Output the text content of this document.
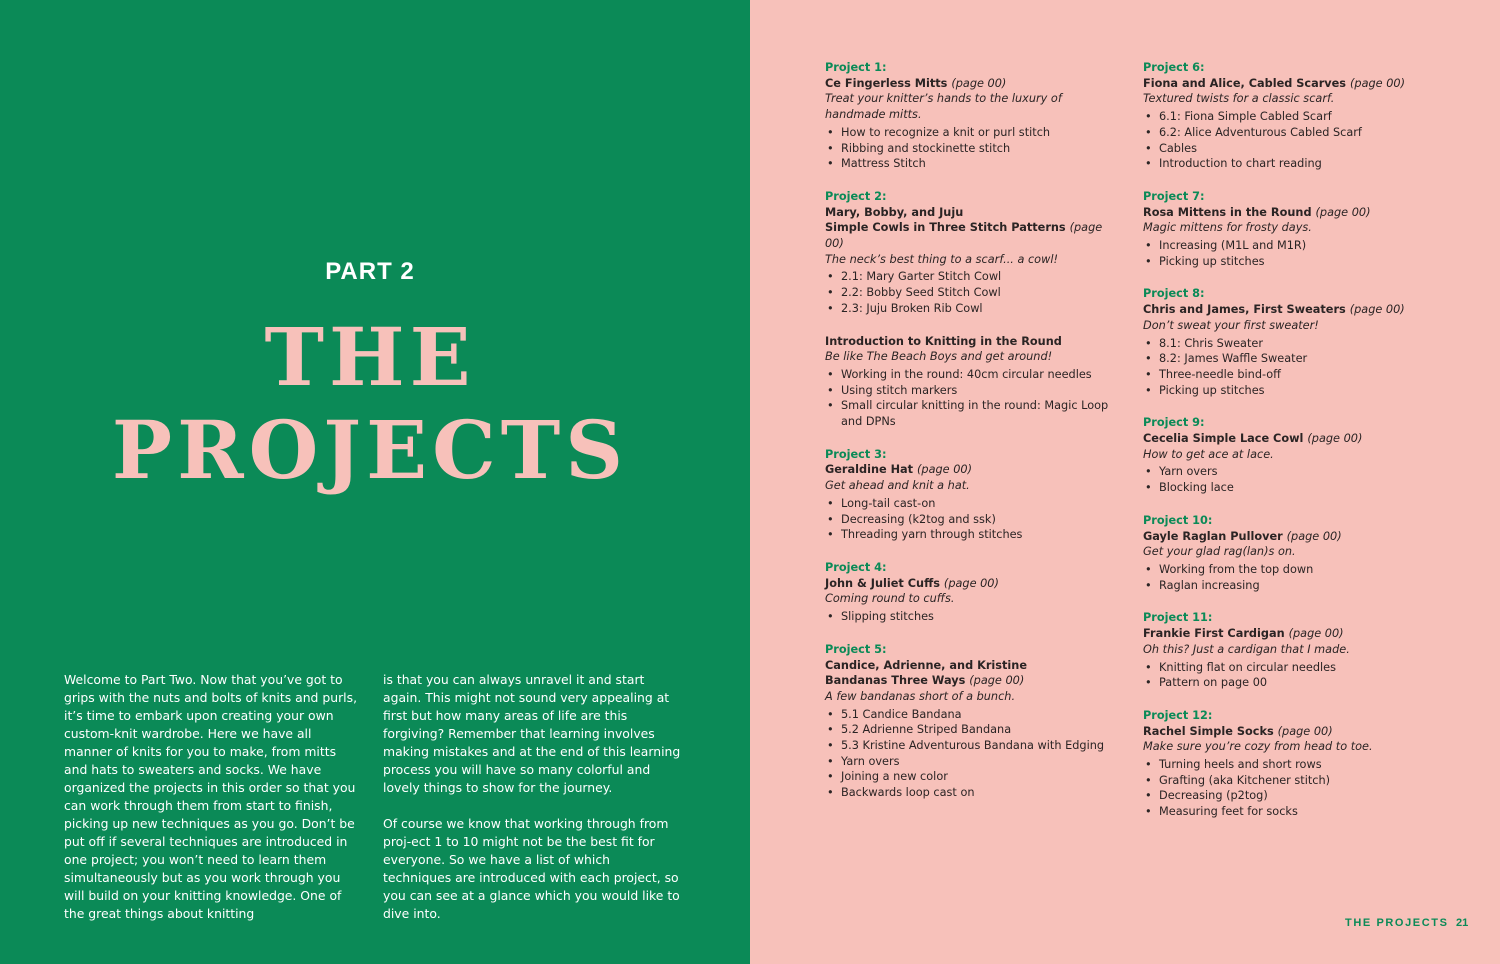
PART 2
THE
PROJECTS

Welcome to Part Two. Now that you’ve got to grips with the nuts and bolts of knits and purls, it’s time to embark upon creating your own custom-knit wardrobe. Here we have all manner of knits for you to make, from mitts and hats to sweaters and socks. We have organized the projects in this order so that you can work through them from start to finish, picking up new techniques as you go. Don’t be put off if several techniques are introduced in one project; you won’t need to learn them simultaneously but as you work through you will build on your knitting knowledge. One of the great things about knitting

is that you can always unravel it and start again. This might not sound very appealing at first but how many areas of life are this forgiving? Remember that learning involves making mistakes and at the end of this learning process you will have so many colorful and lovely things to show for the journey.

Of course we know that working through from proj-ect 1 to 10 might not be the best fit for everyone. So we have a list of which techniques are introduced with each project, so you can see at a glance which you would like to dive into.

Project 1:
Ce Fingerless Mitts (page 00)
Treat your knitter’s hands to the luxury of handmade mitts.
• How to recognize a knit or purl stitch
• Ribbing and stockinette stitch
• Mattress Stitch
Project 2:
Mary, Bobby, and Juju
Simple Cowls in Three Stitch Patterns (page 00)
The neck’s best thing to a scarf... a cowl!
• 2.1: Mary Garter Stitch Cowl
• 2.2: Bobby Seed Stitch Cowl
• 2.3: Juju Broken Rib Cowl
Introduction to Knitting in the Round
Be like The Beach Boys and get around!
• Working in the round: 40cm circular needles
• Using stitch markers
• Small circular knitting in the round: Magic Loop and DPNs
Project 3:
Geraldine Hat (page 00)
Get ahead and knit a hat.
• Long-tail cast-on
• Decreasing (k2tog and ssk)
• Threading yarn through stitches
Project 4:
John & Juliet Cuffs (page 00)
Coming round to cuffs.
• Slipping stitches
Project 5:
Candice, Adrienne, and Kristine
Bandanas Three Ways (page 00)
A few bandanas short of a bunch.
• 5.1 Candice Bandana
• 5.2 Adrienne Striped Bandana
• 5.3 Kristine Adventurous Bandana with Edging
• Yarn overs
• Joining a new color
• Backwards loop cast on
Project 6:
Fiona and Alice, Cabled Scarves (page 00)
Textured twists for a classic scarf.
• 6.1: Fiona Simple Cabled Scarf
• 6.2: Alice Adventurous Cabled Scarf
• Cables
• Introduction to chart reading
Project 7:
Rosa Mittens in the Round (page 00)
Magic mittens for frosty days.
• Increasing (M1L and M1R)
• Picking up stitches
Project 8:
Chris and James, First Sweaters (page 00)
Don’t sweat your first sweater!
• 8.1: Chris Sweater
• 8.2: James Waffle Sweater
• Three-needle bind-off
• Picking up stitches
Project 9:
Cecelia Simple Lace Cowl (page 00)
How to get ace at lace.
• Yarn overs
• Blocking lace
Project 10:
Gayle Raglan Pullover (page 00)
Get your glad rag(lan)s on.
• Working from the top down
• Raglan increasing
Project 11:
Frankie First Cardigan (page 00)
Oh this? Just a cardigan that I made.
• Knitting flat on circular needles
• Pattern on page 00
Project 12:
Rachel Simple Socks (page 00)
Make sure you’re cozy from head to toe.
• Turning heels and short rows
• Grafting (aka Kitchener stitch)
• Decreasing (p2tog)
• Measuring feet for socks
THE PROJECTS 21
